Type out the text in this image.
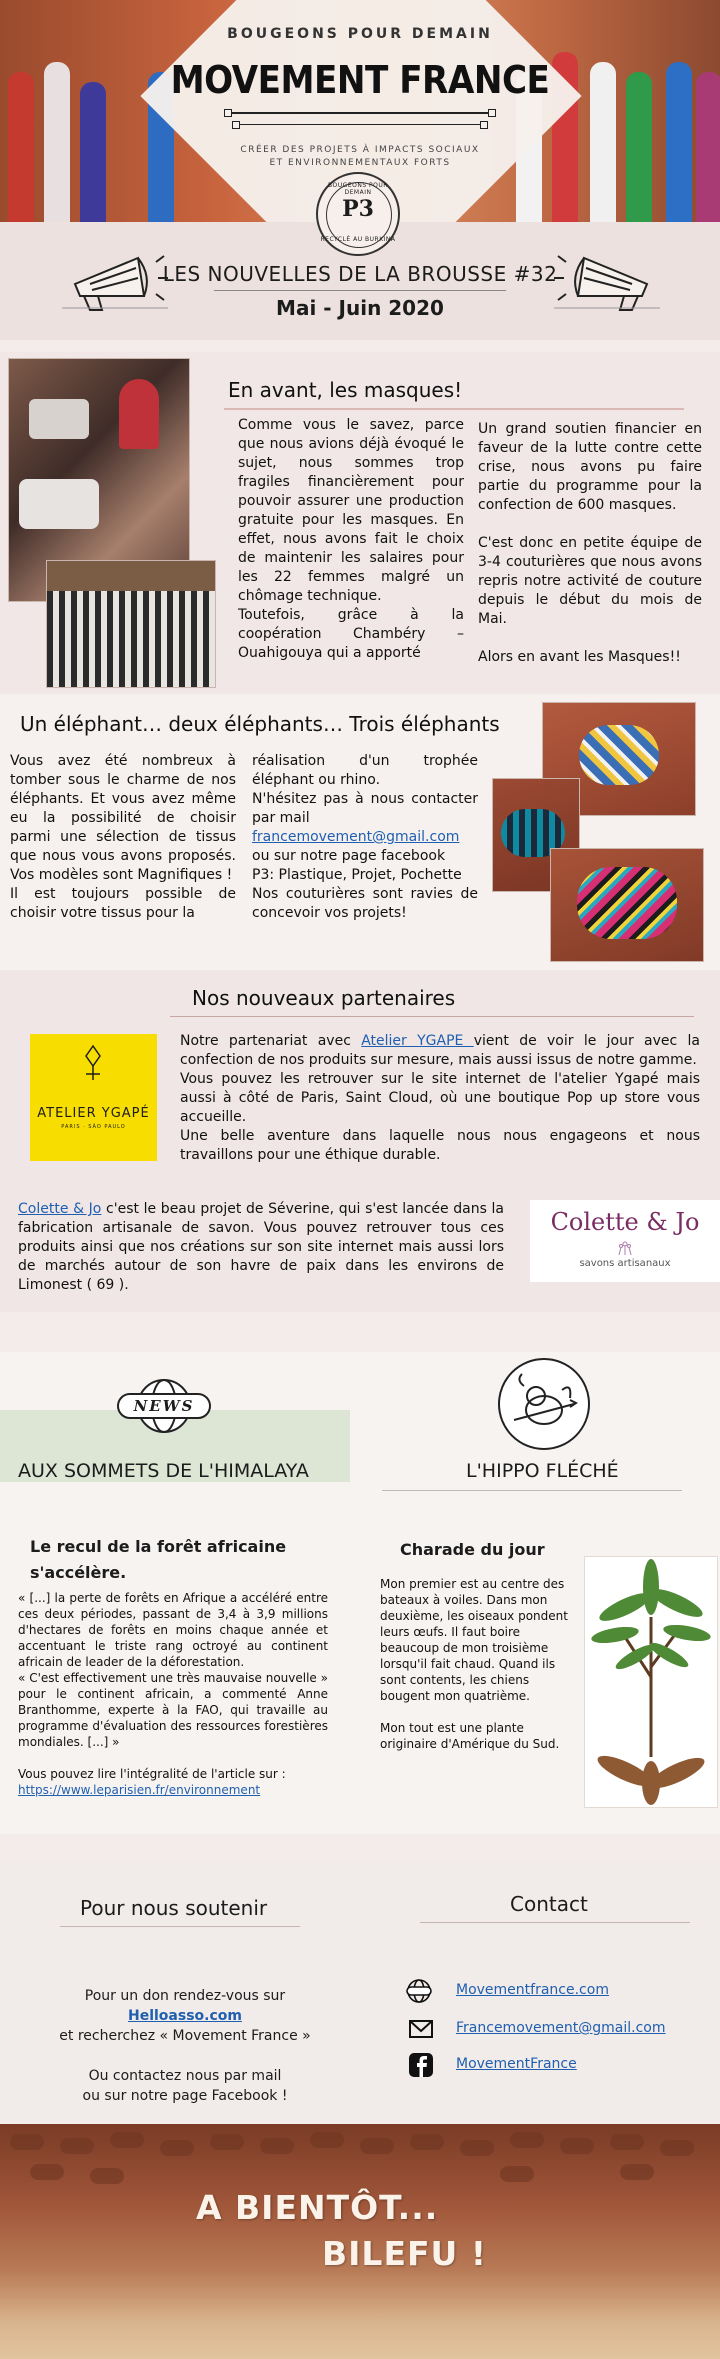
BOUGEONS POUR DEMAIN
MOVEMENT FRANCE
CRÉER DES PROJETS À IMPACTS SOCIAUX
ET ENVIRONNEMENTAUX FORTS
BOUGEONS POUR DEMAIN
P3
RECYCLÉ AU BURKINA
LES NOUVELLES DE LA BROUSSE #32
Mai - Juin 2020
En avant, les masques!
Comme vous le savez, parce que nous avions déjà évoqué le sujet, nous sommes trop fragiles financièrement pour pouvoir assurer une production gratuite pour les masques. En effet, nous avons fait le choix de maintenir les salaires pour les 22 femmes malgré un chômage technique.
Toutefois, grâce à la coopération Chambéry – Ouahigouya qui a apporté
Un grand soutien financier en faveur de la lutte contre cette crise, nous avons pu faire partie du programme pour la confection de 600 masques.
C'est donc en petite équipe de 3-4 couturières que nous avons repris notre activité de couture depuis le début du mois de Mai.
Alors en avant les Masques!!
Un éléphant… deux éléphants… Trois éléphants
Vous avez été nombreux à tomber sous le charme de nos éléphants. Et vous avez même eu la possibilité de choisir parmi une sélection de tissus que nous vous avons proposés. Vos modèles sont Magnifiques !
Il est toujours possible de choisir votre tissus pour la
réalisation d'un trophée éléphant ou rhino.
N'hésitez pas à nous contacter par mail
francemovement@gmail.com
ou sur notre page facebook
P3: Plastique, Projet, Pochette
Nos couturières sont ravies de concevoir vos projets!
Nos nouveaux partenaires
ATELIER YGAPÉ
PARIS · SÃO PAULO
Notre partenariat avec Atelier YGAPE vient de voir le jour avec la confection de nos produits sur mesure, mais aussi issus de notre gamme.
Vous pouvez les retrouver sur le site internet de l'atelier Ygapé mais aussi à côté de Paris, Saint Cloud, où une boutique Pop up store vous accueille.
Une belle aventure dans laquelle nous nous engageons et nous travaillons pour une éthique durable.
Colette & Jo c'est le beau projet de Séverine, qui s'est lancée dans la fabrication artisanale de savon. Vous pouvez retrouver tous ces produits ainsi que nos créations sur son site internet mais aussi lors de marchés autour de son havre de paix dans les environs de Limonest ( 69 ).
Colette & Jo
savons artisanaux
NEWS
AUX SOMMETS DE L'HIMALAYA
Le recul de la forêt africaine s'accélère.
« [...] la perte de forêts en Afrique a accéléré entre ces deux périodes, passant de 3,4 à 3,9 millions d'hectares de forêts en moins chaque année et accentuant le triste rang octroyé au continent africain de leader de la déforestation.
« C'est effectivement une très mauvaise nouvelle » pour le continent africain, a commenté Anne Branthomme, experte à la FAO, qui travaille au programme d'évaluation des ressources forestières mondiales. [...] »
Vous pouvez lire l'intégralité de l'article sur :
https://www.leparisien.fr/environnement
L'HIPPO FLÉCHÉ
Charade du jour
Mon premier est au centre des bateaux à voiles. Dans mon deuxième, les oiseaux pondent leurs œufs. Il faut boire beaucoup de mon troisième lorsqu'il fait chaud. Quand ils sont contents, les chiens bougent mon quatrième.
Mon tout est une plante originaire d'Amérique du Sud.
Pour nous soutenir
Pour un don rendez-vous sur
Helloasso.com
et recherchez « Movement France »
Ou contactez nous par mail
ou sur notre page Facebook !
Contact
Movementfrance.com
Francemovement@gmail.com
MovementFrance
A BIENTÔT...
BILEFU !
